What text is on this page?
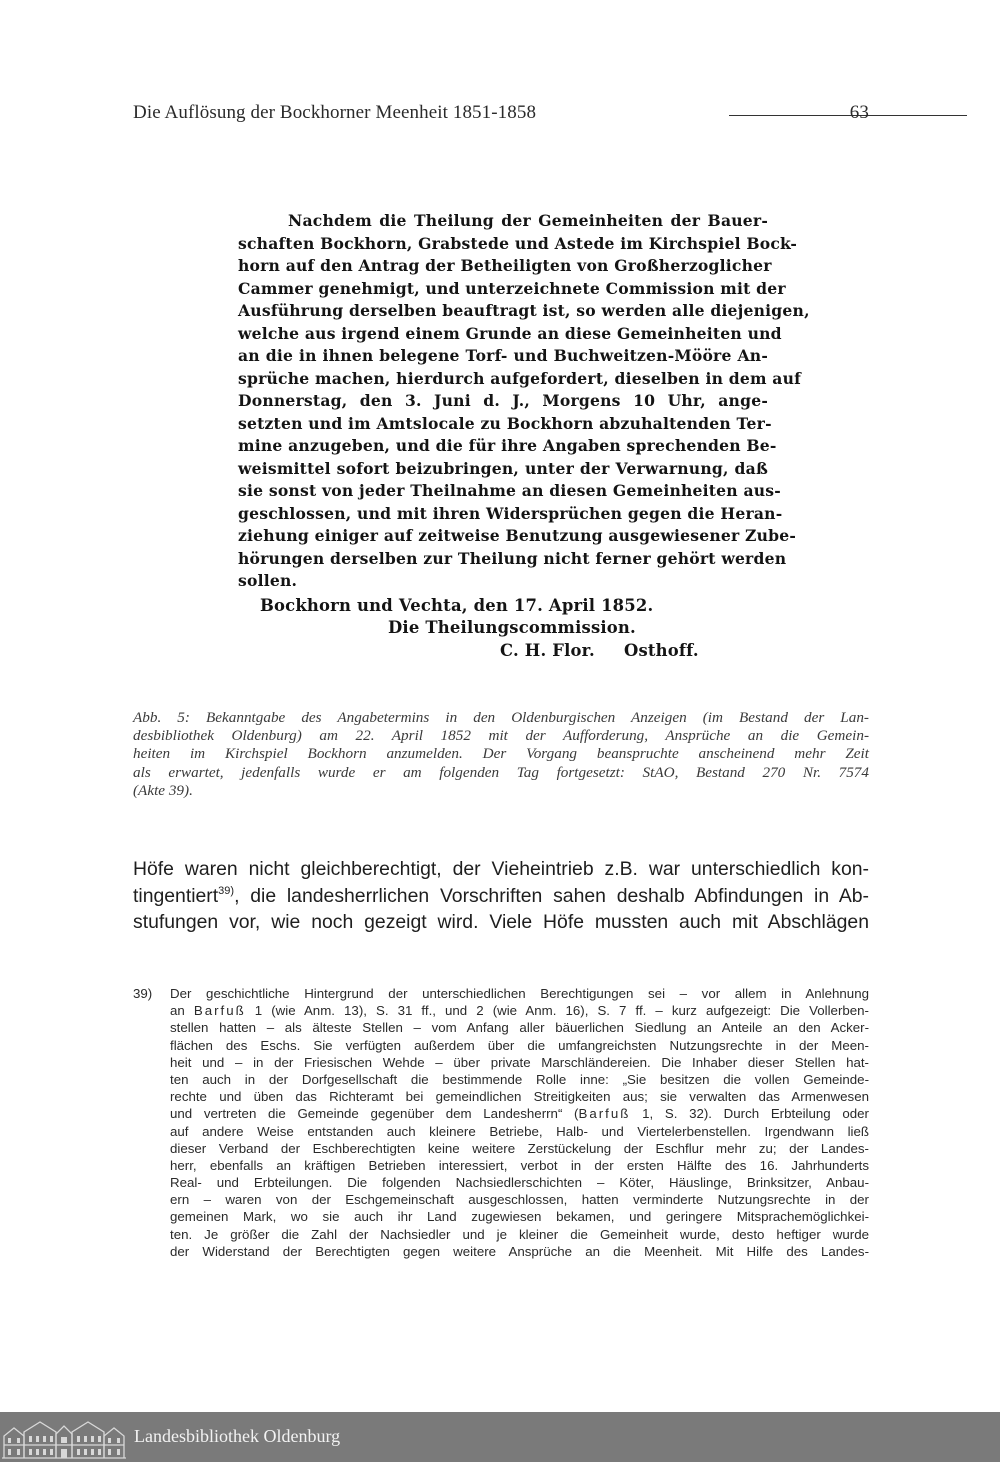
Die Auflösung der Bockhorner Meenheit 1851-1858	63
Nachdem die Theilung der Gemeinheiten der Bauer-
schaften Bockhorn, Grabstede und Astede im Kirchspiel Bock-
horn auf den Antrag der Betheiligten von Großherzoglicher
Cammer genehmigt, und unterzeichnete Commission mit der
Ausführung derselben beauftragt ist, so werden alle diejenigen,
welche aus irgend einem Grunde an diese Gemeinheiten und
an die in ihnen belegene Torf- und Buchweitzen-Mööre An-
sprüche machen, hierdurch aufgefordert, dieselben in dem auf
Donnerstag, den 3. Juni d. J., Morgens 10 Uhr, ange-
setzten und im Amtslocale zu Bockhorn abzuhaltenden Ter-
mine anzugeben, und die für ihre Angaben sprechenden Be-
weismittel sofort beizubringen, unter der Verwarnung, daß
sie sonst von jeder Theilnahme an diesen Gemeinheiten aus-
geschlossen, und mit ihren Widersprüchen gegen die Heran-
ziehung einiger auf zeitweise Benutzung ausgewiesener Zube-
hörungen derselben zur Theilung nicht ferner gehört werden
sollen.
Bockhorn und Vechta, den 17. April 1852.
Die Theilungscommission.
C. H. Flor. Osthoff.
Abb. 5: Bekanntgabe des Angabetermins in den Oldenburgischen Anzeigen (im Bestand der Lan-
desbibliothek Oldenburg) am 22. April 1852 mit der Aufforderung, Ansprüche an die Gemein-
heiten im Kirchspiel Bockhorn anzumelden. Der Vorgang beanspruchte anscheinend mehr Zeit
als erwartet, jedenfalls wurde er am folgenden Tag fortgesetzt: StAO, Bestand 270 Nr. 7574
(Akte 39).
Höfe waren nicht gleichberechtigt, der Vieheintrieb z.B. war unterschiedlich kon-
tingentiert$^{39)}$, die landesherrlichen Vorschriften sahen deshalb Abfindungen in Ab-
stufungen vor, wie noch gezeigt wird. Viele Höfe mussten auch mit Abschlägen
39) Der geschichtliche Hintergrund der unterschiedlichen Berechtigungen sei – vor allem in Anlehnung
an Barfuß 1 (wie Anm. 13), S. 31 ff., und 2 (wie Anm. 16), S. 7 ff. – kurz aufgezeigt: Die Vollerben-
stellen hatten – als älteste Stellen – vom Anfang aller bäuerlichen Siedlung an Anteile an den Acker-
flächen des Eschs. Sie verfügten außerdem über die umfangreichsten Nutzungsrechte in der Meen-
heit und – in der Friesischen Wehde – über private Marschländereien. Die Inhaber dieser Stellen hat-
ten auch in der Dorfgesellschaft die bestimmende Rolle inne: „Sie besitzen die vollen Gemeinde-
rechte und üben das Richteramt bei gemeindlichen Streitigkeiten aus; sie verwalten das Armenwesen
und vertreten die Gemeinde gegenüber dem Landesherrn“ (Barfuß 1, S. 32). Durch Erbteilung oder
auf andere Weise entstanden auch kleinere Betriebe, Halb- und Viertelerbenstellen. Irgendwann ließ
dieser Verband der Eschberechtigten keine weitere Zerstückelung der Eschflur mehr zu; der Landes-
herr, ebenfalls an kräftigen Betrieben interessiert, verbot in der ersten Hälfte des 16. Jahrhunderts
Real- und Erbteilungen. Die folgenden Nachsiedlerschichten – Köter, Häuslinge, Brinksitzer, Anbau-
ern – waren von der Eschgemeinschaft ausgeschlossen, hatten verminderte Nutzungsrechte in der
gemeinen Mark, wo sie auch ihr Land zugewiesen bekamen, und geringere Mitsprachemöglichkei-
ten. Je größer die Zahl der Nachsiedler und je kleiner die Gemeinheit wurde, desto heftiger wurde
der Widerstand der Berechtigten gegen weitere Ansprüche an die Meenheit. Mit Hilfe des Landes-
Landesbibliothek Oldenburg
